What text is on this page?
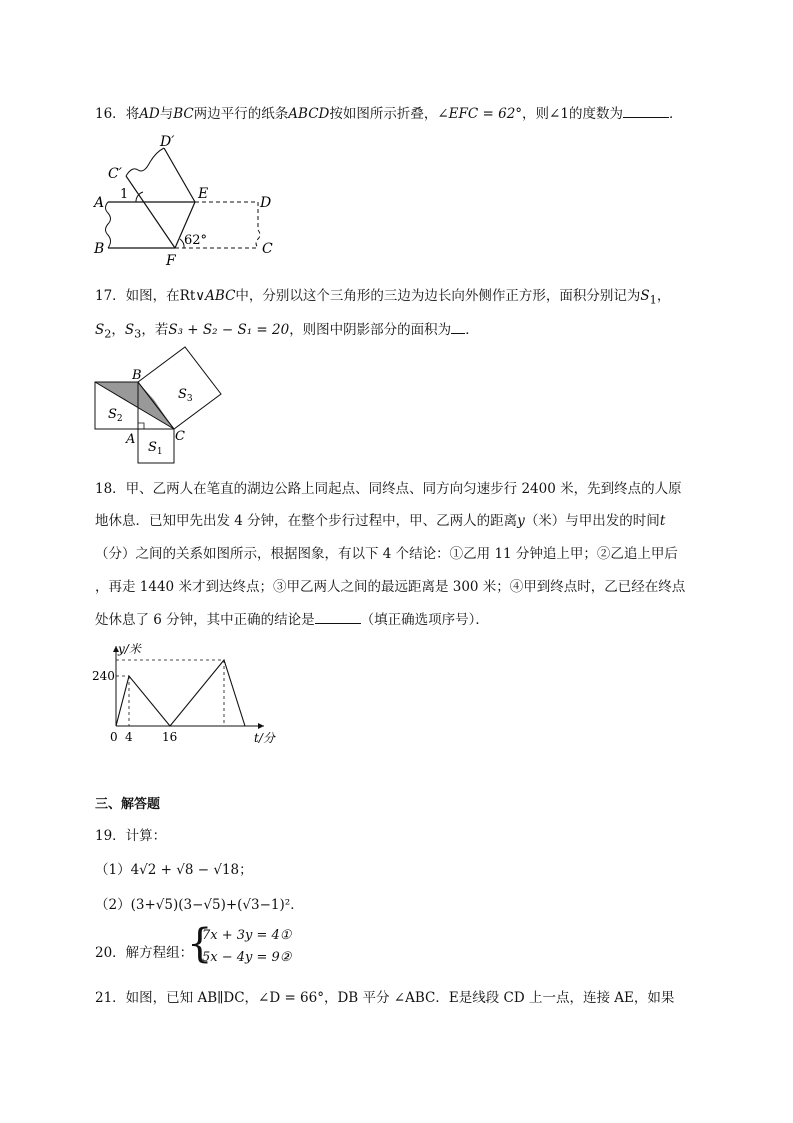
16．将AD与BC两边平行的纸条ABCD按如图所示折叠，∠EFC = 62°，则∠1的度数为	．
D′
C′
1
A
E
D
B
62°
F
C
17．如图，在Rt∨ABC中，分别以这个三角形的三边为边长向外侧作正方形，面积分别记为$S_1$，
$S_2$，$S_3$，若S₃ + S₂ − S₁ = 20，则图中阴影部分的面积为 ．
B
A	C
$S_2$
$S_1$
$S_3$
18．甲、乙两人在笔直的湖边公路上同起点、同终点、同方向匀速步行 2400 米，先到终点的人原
地休息．已知甲先出发 4 分钟，在整个步行过程中，甲、乙两人的距离y（米）与甲出发的时间t
（分）之间的关系如图所示，根据图象，有以下 4 个结论：①乙用 11 分钟追上甲；②乙追上甲后
，再走 1440 米才到达终点；③甲乙两人之间的最远距离是 300 米；④甲到终点时，乙已经在终点
处休息了 6 分钟，其中正确的结论是	（填正确选项序号）．
y/米
240
0 4 16	t/分
三、解答题
19．计算：
（1）4√2 + √8 − √18；
（2）(3+√5)(3−√5)+(√3−1)²．
20．解方程组：
{
7x + 3y = 4①
5x − 4y = 9②
．
21．如图，已知 AB∥DC，∠D = 66°，DB 平分 ∠ABC．E是线段 CD 上一点，连接 AE，如果
